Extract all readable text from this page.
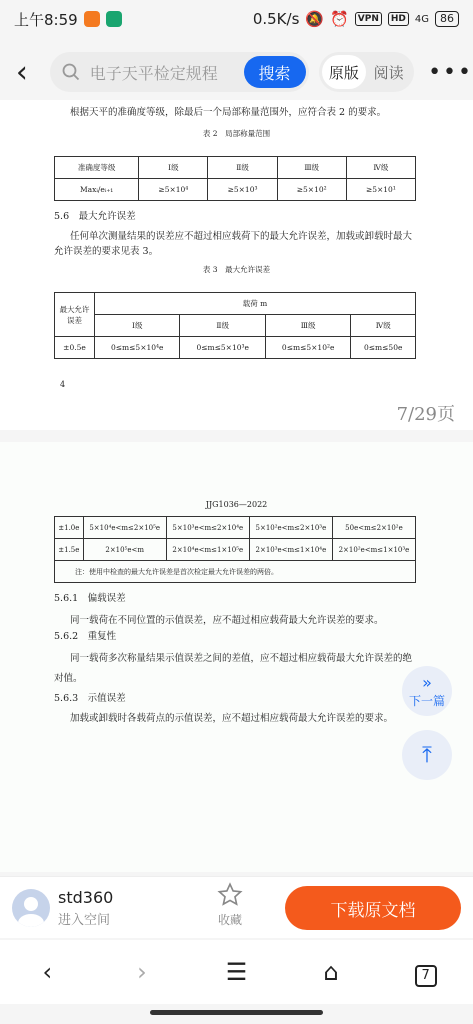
上午8:59	0.5K/s 🔕 ⏰	VPN	HD 4G	86
‹	电子天平检定规程	搜索	原版 阅读	•••
根据天平的准确度等级，除最后一个局部称量范围外，应符合表 2 的要求。
表 2　局部称量范围
准确度等级	Ⅰ级	Ⅱ级	Ⅲ级	Ⅳ级
Maxᵢ/eᵢ₊₁	≥5×10⁴	≥5×10³	≥5×10²	≥5×10¹
5.6　最大允许误差
任何单次测量结果的误差应不超过相应载荷下的最大允许误差，加载或卸载时最大
允许误差的要求见表 3。
表 3　最大允许误差
最大允许误差	载荷 m			
	Ⅰ级	Ⅱ级	Ⅲ级	Ⅳ级
±0.5e	0≤m≤5×10⁴e	0≤m≤5×10³e	0≤m≤5×10²e	0≤m≤50e
4
7/29页
JJG1036—2022
±1.0e	5×10⁴e<m≤2×10⁵e	5×10³e<m≤2×10⁴e	5×10²e<m≤2×10³e	50e<m≤2×10²e
±1.5e	2×10⁵e<m	2×10⁴e<m≤1×10⁵e	2×10³e<m≤1×10⁴e	2×10²e<m≤1×10³e
注：使用中检查的最大允许误差是首次检定最大允许误差的两倍。				
5.6.1　偏载误差
同一载荷在不同位置的示值误差，应不超过相应载荷最大允许误差的要求。
5.6.2　重复性
同一载荷多次称量结果示值误差之间的差值，应不超过相应载荷最大允许误差的绝
对值。
5.6.3　示值误差
加载或卸载时各载荷点的示值误差，应不超过相应载荷最大允许误差的要求。
»
下一篇
⤒
std360
进入空间	收藏	下载原文档
‹	›	☰	⌂	7
